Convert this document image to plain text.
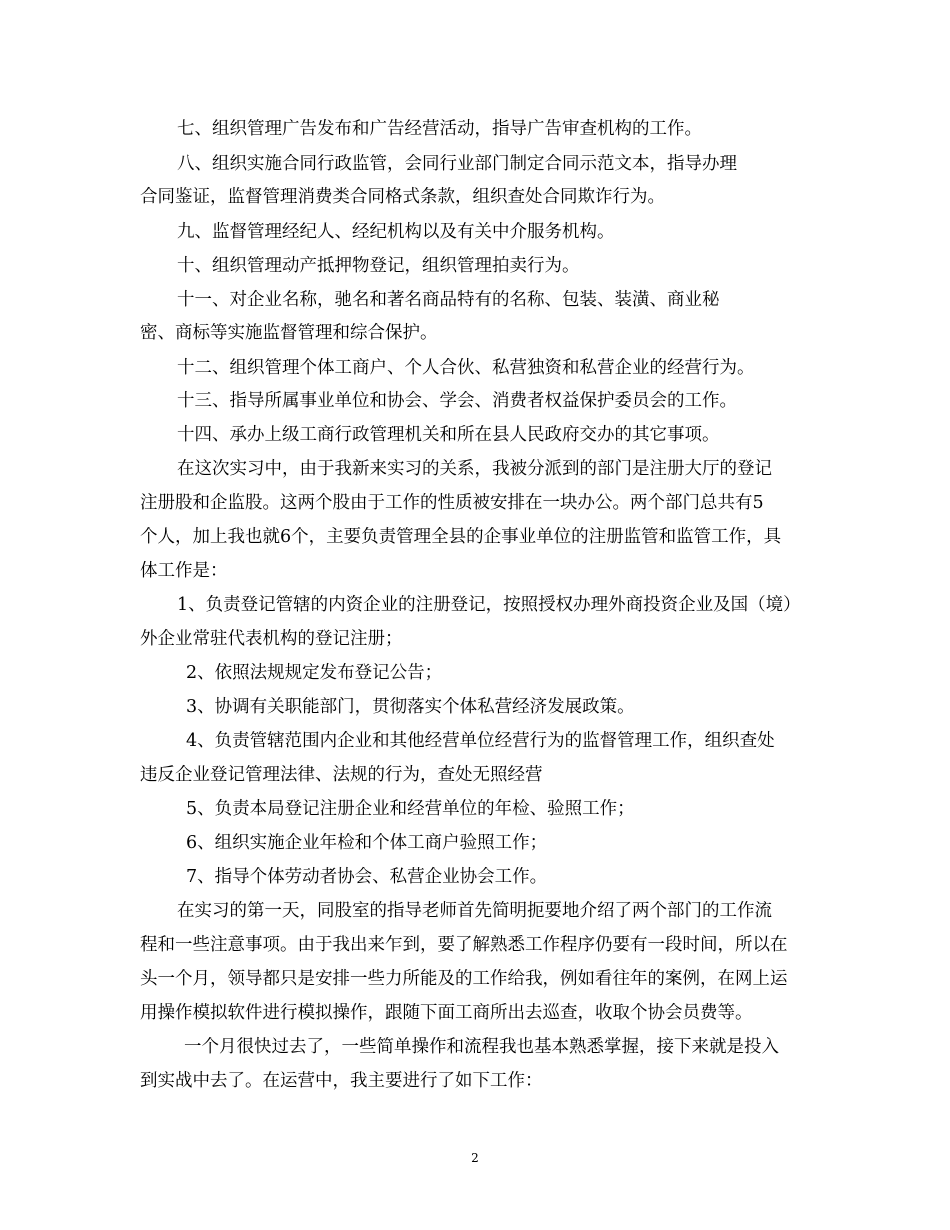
七、组织管理广告发布和广告经营活动，指导广告审查机构的工作。
八、组织实施合同行政监管，会同行业部门制定合同示范文本，指导办理
合同鉴证，监督管理消费类合同格式条款，组织查处合同欺诈行为。
九、监督管理经纪人、经纪机构以及有关中介服务机构。
十、组织管理动产抵押物登记，组织管理拍卖行为。
十一、对企业名称，驰名和著名商品特有的名称、包装、装潢、商业秘
密、商标等实施监督管理和综合保护。
十二、组织管理个体工商户、个人合伙、私营独资和私营企业的经营行为。
十三、指导所属事业单位和协会、学会、消费者权益保护委员会的工作。
十四、承办上级工商行政管理机关和所在县人民政府交办的其它事项。
在这次实习中，由于我新来实习的关系，我被分派到的部门是注册大厅的登记
注册股和企监股。这两个股由于工作的性质被安排在一块办公。两个部门总共有5
个人，加上我也就6个，主要负责管理全县的企事业单位的注册监管和监管工作，具
体工作是：
1、负责登记管辖的内资企业的注册登记，按照授权办理外商投资企业及国（境）
外企业常驻代表机构的登记注册；
2、依照法规规定发布登记公告；
3、协调有关职能部门，贯彻落实个体私营经济发展政策。
4、负责管辖范围内企业和其他经营单位经营行为的监督管理工作，组织查处
违反企业登记管理法律、法规的行为，查处无照经营
5、负责本局登记注册企业和经营单位的年检、验照工作；
6、组织实施企业年检和个体工商户验照工作；
7、指导个体劳动者协会、私营企业协会工作。
在实习的第一天，同股室的指导老师首先简明扼要地介绍了两个部门的工作流
程和一些注意事项。由于我出来乍到，要了解熟悉工作程序仍要有一段时间，所以在
头一个月，领导都只是安排一些力所能及的工作给我，例如看往年的案例，在网上运
用操作模拟软件进行模拟操作，跟随下面工商所出去巡查，收取个协会员费等。
一个月很快过去了，一些简单操作和流程我也基本熟悉掌握，接下来就是投入
到实战中去了。在运营中，我主要进行了如下工作：
2
